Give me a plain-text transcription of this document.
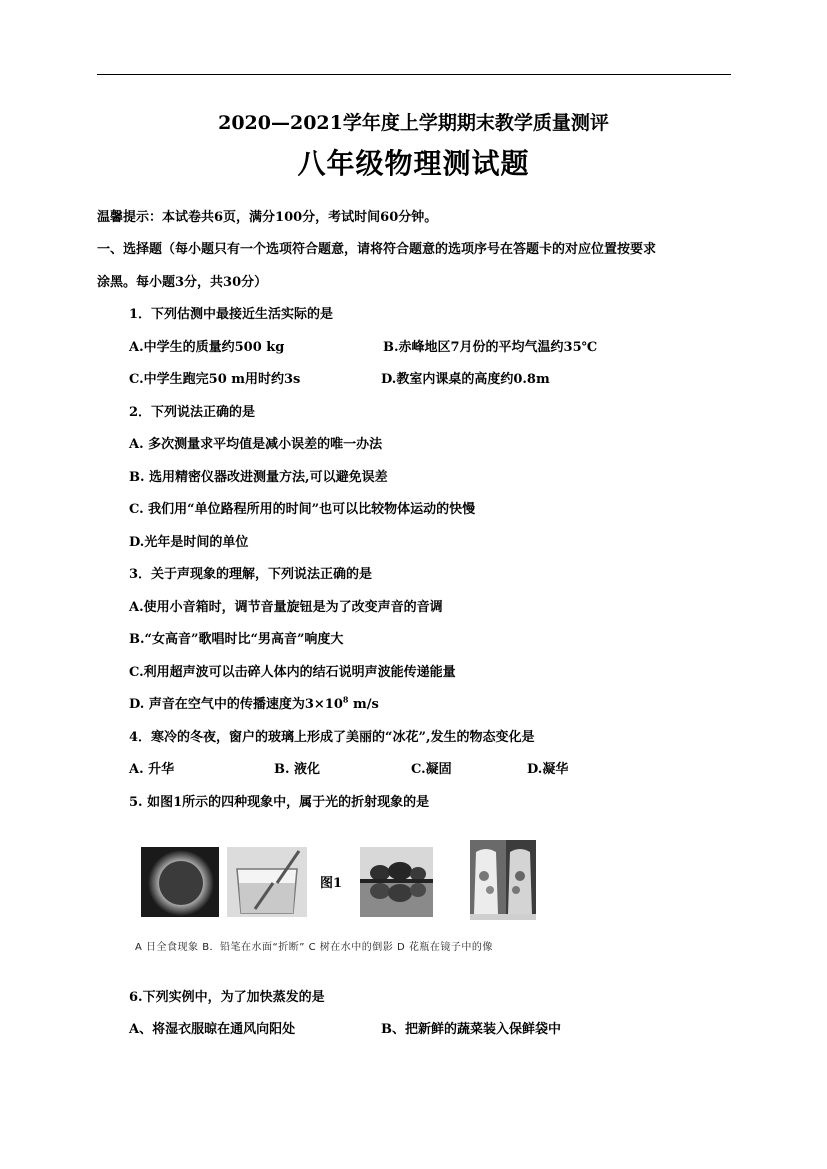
2020—2021学年度上学期期末教学质量测评
八年级物理测试题
温馨提示：本试卷共6页，满分100分，考试时间60分钟。
一、选择题（每小题只有一个选项符合题意，请将符合题意的选项序号在答题卡的对应位置按要求
涂黑。每小题3分，共30分）
1．下列估测中最接近生活实际的是
A.中学生的质量约500 kg	B.赤峰地区7月份的平均气温约35℃
C.中学生跑完50 m用时约3s	D.教室内课桌的高度约0.8m
2．下列说法正确的是
A. 多次测量求平均值是减小误差的唯一办法
B. 选用精密仪器改进测量方法,可以避免误差
C. 我们用“单位路程所用的时间”也可以比较物体运动的快慢
D.光年是时间的单位
3．关于声现象的理解，下列说法正确的是
A.使用小音箱时，调节音量旋钮是为了改变声音的音调
B.“女高音”歌唱时比“男高音”响度大
C.利用超声波可以击碎人体内的结石说明声波能传递能量
D. 声音在空气中的传播速度为$3\times 10^8$ m/s
4．寒冷的冬夜，窗户的玻璃上形成了美丽的“冰花”,发生的物态变化是
A. 升华	B. 液化	C.凝固	D.凝华
5. 如图1所示的四种现象中，属于光的折射现象的是
图1
A 日全食现象 B．铅笔在水面“折断” C 树在水中的倒影 D 花瓶在镜子中的像
6.下列实例中，为了加快蒸发的是
A、将湿衣服晾在通风向阳处	B、把新鲜的蔬菜装入保鲜袋中
